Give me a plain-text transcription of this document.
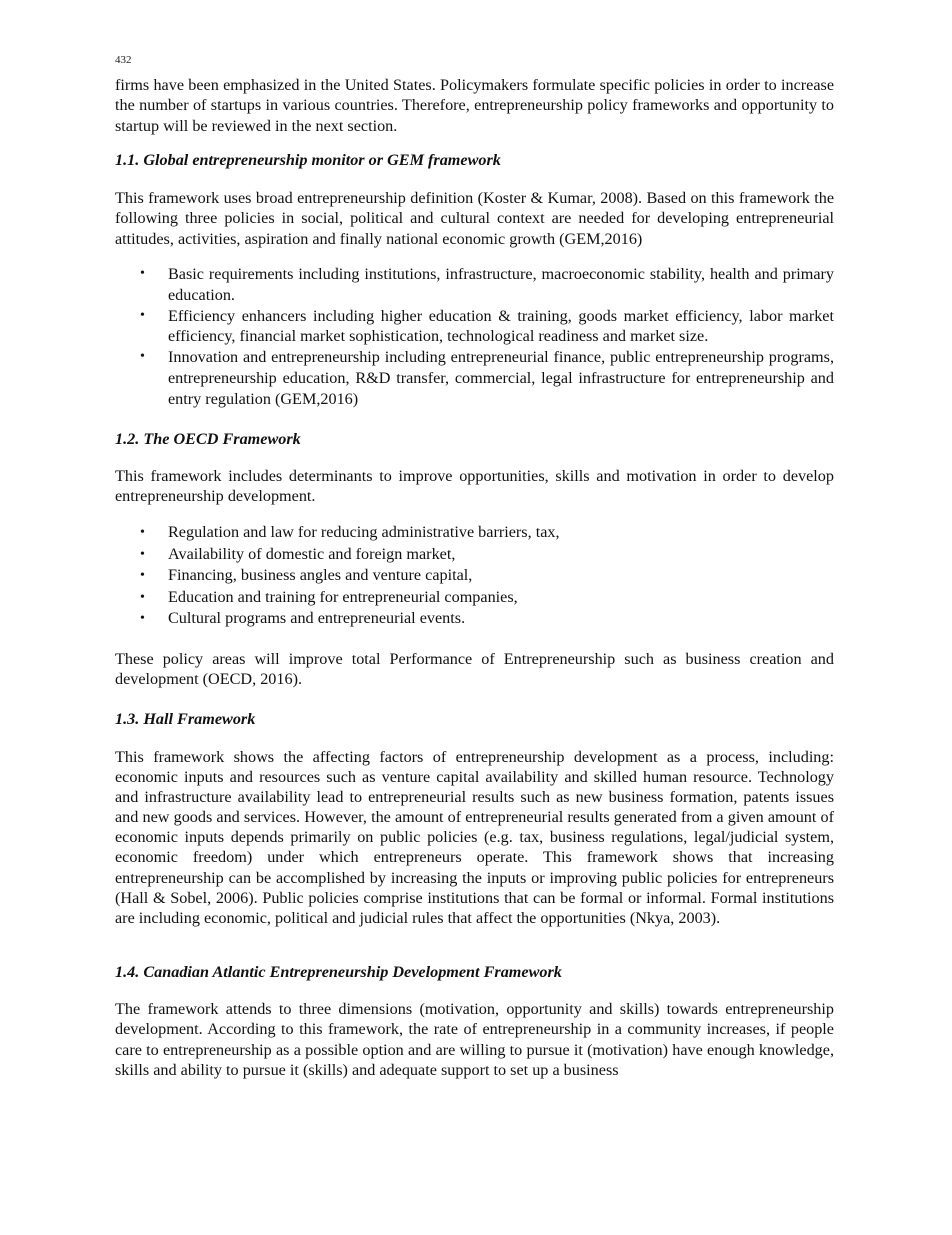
432

firms have been emphasized in the United States. Policymakers formulate specific policies in order to increase the number of startups in various countries. Therefore, entrepreneurship policy frameworks and opportunity to startup will be reviewed in the next section.

1.1. Global entrepreneurship monitor or GEM framework

This framework uses broad entrepreneurship definition (Koster & Kumar, 2008). Based on this framework the following three policies in social, political and cultural context are needed for developing entrepreneurial attitudes, activities, aspiration and finally national economic growth (GEM,2016)

• Basic requirements including institutions, infrastructure, macroeconomic stability, health and primary education.
• Efficiency enhancers including higher education & training, goods market efficiency, labor market efficiency, financial market sophistication, technological readiness and market size.
• Innovation and entrepreneurship including entrepreneurial finance, public entrepreneurship programs, entrepreneurship education, R&D transfer, commercial, legal infrastructure for entrepreneurship and entry regulation (GEM,2016)
1.2. The OECD Framework

This framework includes determinants to improve opportunities, skills and motivation in order to develop entrepreneurship development.

• Regulation and law for reducing administrative barriers, tax,
• Availability of domestic and foreign market,
• Financing, business angles and venture capital,
• Education and training for entrepreneurial companies,
• Cultural programs and entrepreneurial events.

These policy areas will improve total Performance of Entrepreneurship such as business creation and development (OECD, 2016).

1.3. Hall Framework

This framework shows the affecting factors of entrepreneurship development as a process, including: economic inputs and resources such as venture capital availability and skilled human resource. Technology and infrastructure availability lead to entrepreneurial results such as new business formation, patents issues and new goods and services. However, the amount of entrepreneurial results generated from a given amount of economic inputs depends primarily on public policies (e.g. tax, business regulations, legal/judicial system, economic freedom) under which entrepreneurs operate. This framework shows that increasing entrepreneurship can be accomplished by increasing the inputs or improving public policies for entrepreneurs (Hall & Sobel, 2006). Public policies comprise institutions that can be formal or informal. Formal institutions are including economic, political and judicial rules that affect the opportunities (Nkya, 2003).

1.4. Canadian Atlantic Entrepreneurship Development Framework

The framework attends to three dimensions (motivation, opportunity and skills) towards entrepreneurship development. According to this framework, the rate of entrepreneurship in a community increases, if people care to entrepreneurship as a possible option and are willing to pursue it (motivation) have enough knowledge, skills and ability to pursue it (skills) and adequate support to set up a business
